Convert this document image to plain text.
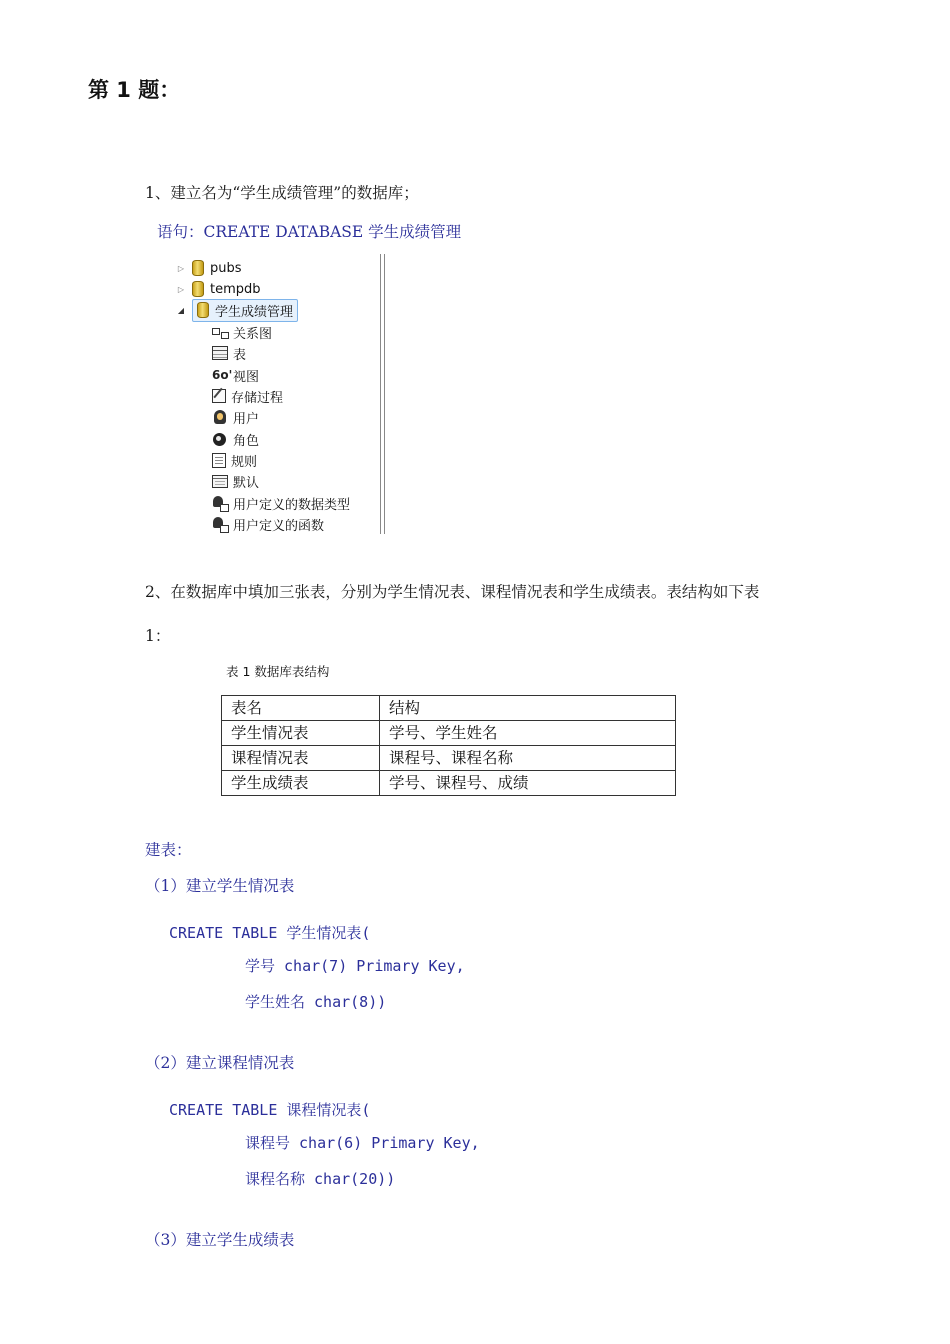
第 1 题：
1、建立名为“学生成绩管理”的数据库；
语句：CREATE DATABASE 学生成绩管理
▷ pubs
▷ tempdb
◢ 学生成绩管理
关系图
表
6o' 视图
存储过程
用户
角色
规则
默认
用户定义的数据类型
用户定义的函数
2、在数据库中填加三张表，分别为学生情况表、课程情况表和学生成绩表。表结构如下表
1：
表 1 数据库表结构
表名	结构
学生情况表	学号、学生姓名
课程情况表	课程号、课程名称
学生成绩表	学号、课程号、成绩
建表：
（1）建立学生情况表
CREATE TABLE 学生情况表(
学号 char(7) Primary Key,
学生姓名 char(8))
（2）建立课程情况表
CREATE TABLE 课程情况表(
课程号 char(6) Primary Key,
课程名称 char(20))
（3）建立学生成绩表
